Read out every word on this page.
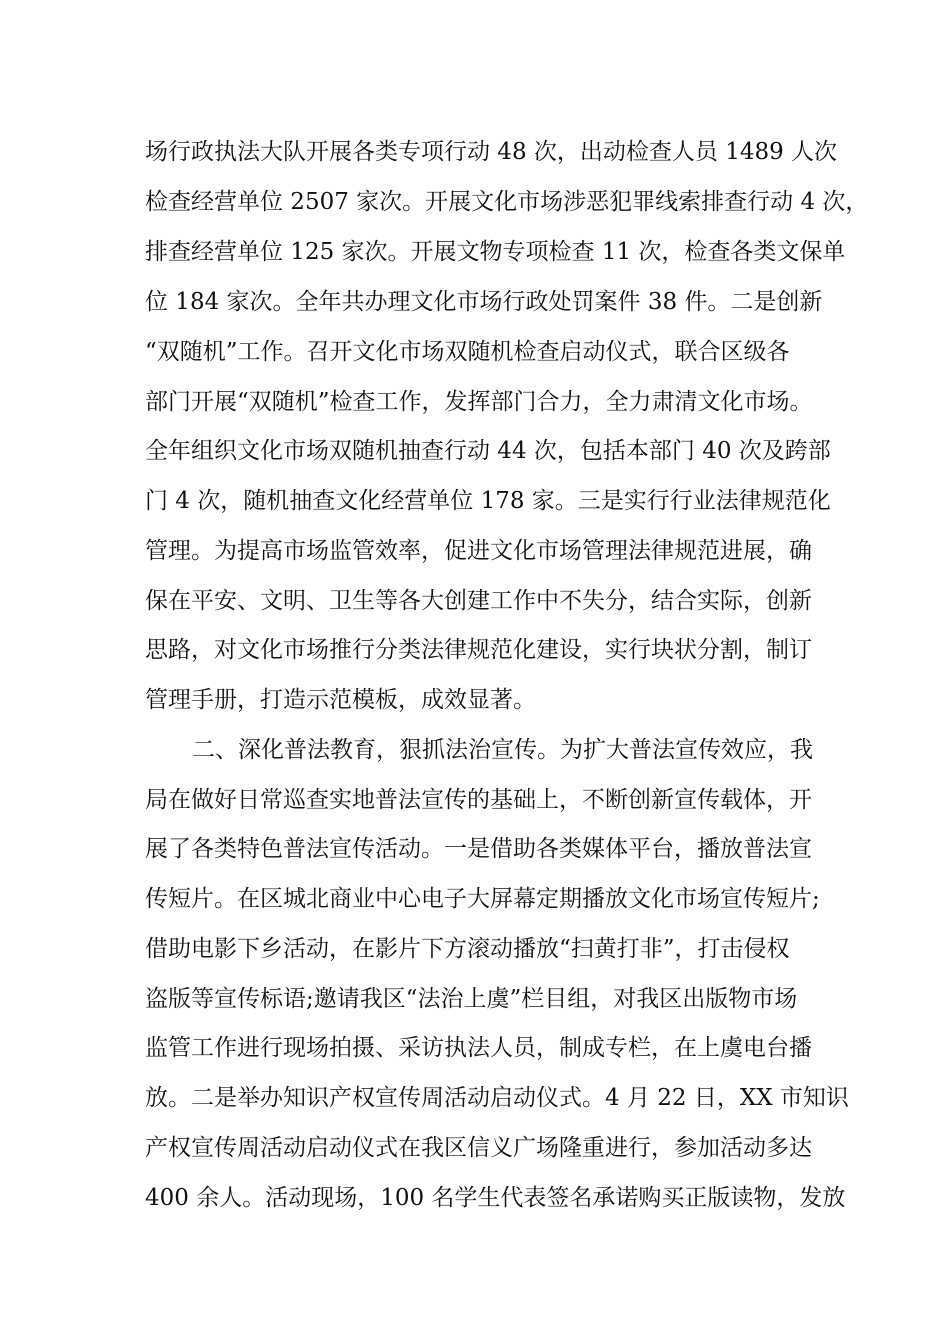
场行政执法大队开展各类专项行动 48 次，出动检查人员 1489 人次
检查经营单位 2507 家次。开展文化市场涉恶犯罪线索排查行动 4 次，
排查经营单位 125 家次。开展文物专项检查 11 次，检查各类文保单
位 184 家次。全年共办理文化市场行政处罚案件 38 件。二是创新
“双随机”工作。召开文化市场双随机检查启动仪式，联合区级各
部门开展“双随机”检查工作，发挥部门合力，全力肃清文化市场。
全年组织文化市场双随机抽查行动 44 次，包括本部门 40 次及跨部
门 4 次，随机抽查文化经营单位 178 家。三是实行行业法律规范化
管理。为提高市场监管效率，促进文化市场管理法律规范进展，确
保在平安、文明、卫生等各大创建工作中不失分，结合实际，创新
思路，对文化市场推行分类法律规范化建设，实行块状分割，制订
管理手册，打造示范模板，成效显著。
二、深化普法教育，狠抓法治宣传。为扩大普法宣传效应，我
局在做好日常巡查实地普法宣传的基础上，不断创新宣传载体，开
展了各类特色普法宣传活动。一是借助各类媒体平台，播放普法宣
传短片。在区城北商业中心电子大屏幕定期播放文化市场宣传短片;
借助电影下乡活动，在影片下方滚动播放“扫黄打非”，打击侵权
盗版等宣传标语;邀请我区“法治上虞”栏目组，对我区出版物市场
监管工作进行现场拍摄、采访执法人员，制成专栏，在上虞电台播
放。二是举办知识产权宣传周活动启动仪式。4 月 22 日，XX 市知识
产权宣传周活动启动仪式在我区信义广场隆重进行，参加活动多达
400 余人。活动现场，100 名学生代表签名承诺购买正版读物，发放
